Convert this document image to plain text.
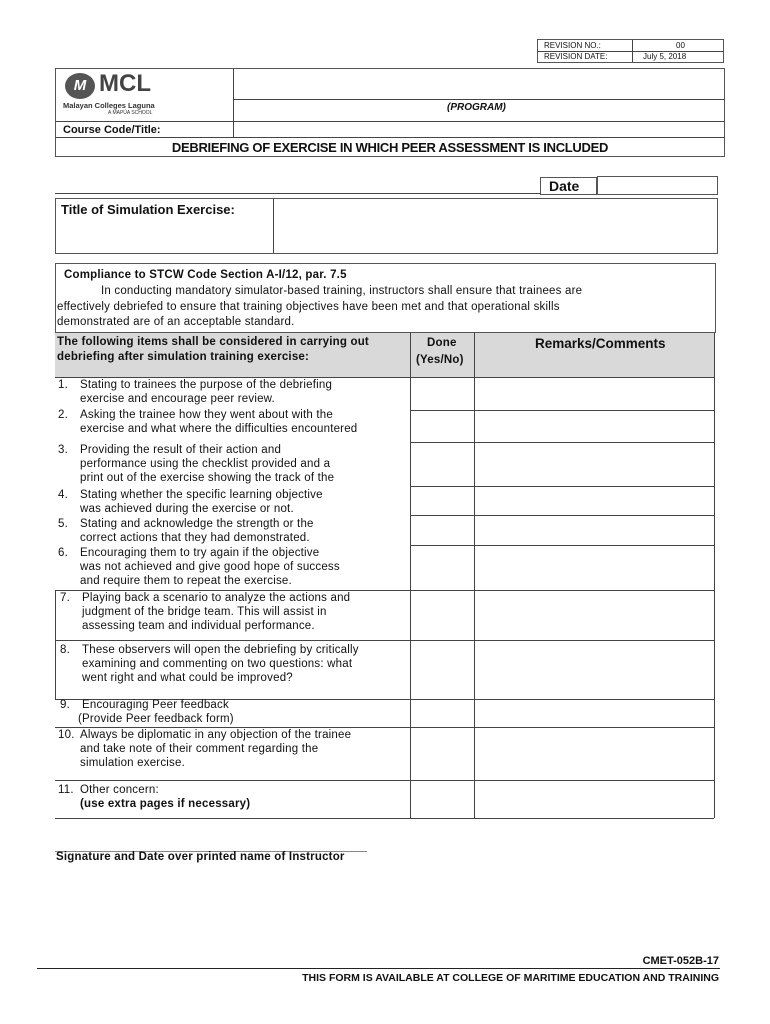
REVISION NO.:	00
REVISION DATE:	July 5, 2018
M MCL
Malayan Colleges Laguna
A MAPÚA SCHOOL	(PROGRAM)
Course Code/Title:
DEBRIEFING OF EXERCISE IN WHICH PEER ASSESSMENT IS INCLUDED
Date
Title of Simulation Exercise:
Compliance to STCW Code Section A-I/12, par. 7.5
In conducting mandatory simulator-based training, instructors shall ensure that trainees are
effectively debriefed to ensure that training objectives have been met and that operational skills
demonstrated are of an acceptable standard.
The following items shall be considered in carrying out
debriefing after simulation training exercise:
Done
(Yes/No)
Remarks/Comments
1. Stating to trainees the purpose of the debriefing
exercise and encourage peer review.
2. Asking the trainee how they went about with the
exercise and what where the difficulties encountered
3. Providing the result of their action and
performance using the checklist provided and a
print out of the exercise showing the track of the
4. Stating whether the specific learning objective
was achieved during the exercise or not.
5. Stating and acknowledge the strength or the
correct actions that they had demonstrated.
6. Encouraging them to try again if the objective
was not achieved and give good hope of success
and require them to repeat the exercise.
7. Playing back a scenario to analyze the actions and
judgment of the bridge team. This will assist in
assessing team and individual performance.
8. These observers will open the debriefing by critically
examining and commenting on two questions: what
went right and what could be improved?
9. Encouraging Peer feedback
(Provide Peer feedback form)
10. Always be diplomatic in any objection of the trainee
and take note of their comment regarding the
simulation exercise.
11. Other concern:
(use extra pages if necessary)
Signature and Date over printed name of Instructor
CMET-052B-17
THIS FORM IS AVAILABLE AT COLLEGE OF MARITIME EDUCATION AND TRAINING
